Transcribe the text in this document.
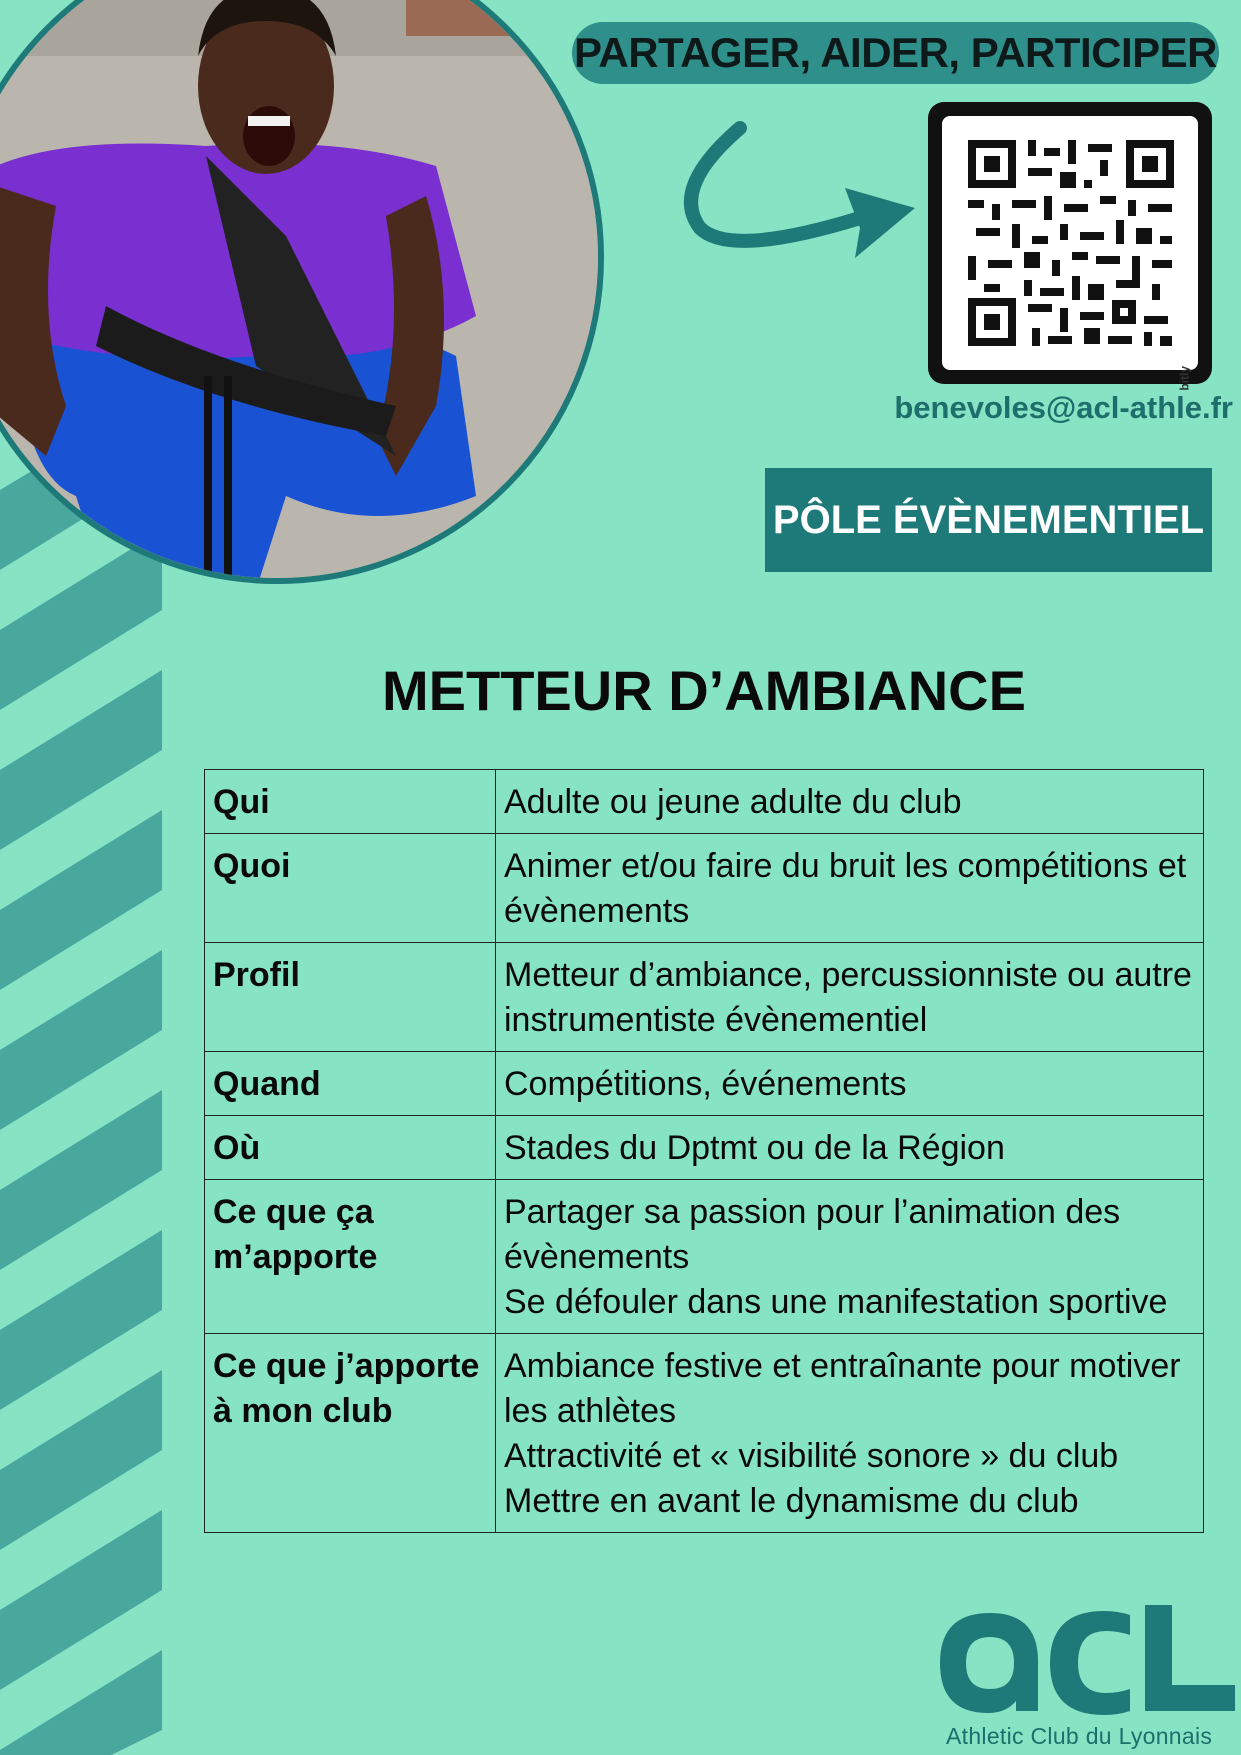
PARTAGER, AIDER, PARTICIPER
bitly
benevoles@acl-athle.fr
PÔLE ÉVÈNEMENTIEL
METTEUR D’AMBIANCE
Qui	Adulte ou jeune adulte du club

Quoi	Animer et/ou faire du bruit les compétitions et évènements

Profil	Metteur d’ambiance, percussionniste ou autre instrumentiste évènementiel

Quand	Compétitions, événements

Où	Stades du Dptmt ou de la Région

Ce que ça m’apporte	Partager sa passion pour l’animation des évènements
Se défouler dans une manifestation sportive

Ce que j’apporte à mon club	Ambiance festive et entraînante pour motiver les athlètes
Attractivité et « visibilité sonore » du club
Mettre en avant le dynamisme du club
Athletic Club du Lyonnais
